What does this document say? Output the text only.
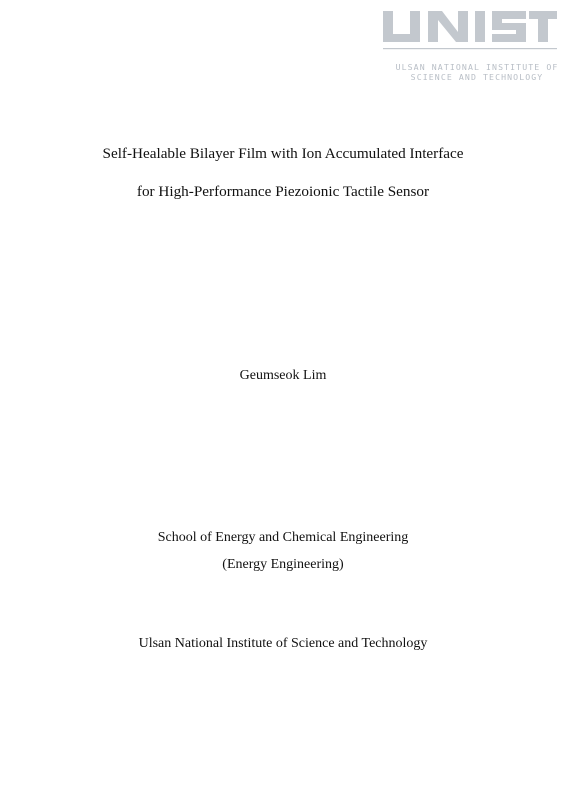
ULSAN NATIONAL INSTITUTE OF
SCIENCE AND TECHNOLOGY
Self-Healable Bilayer Film with Ion Accumulated Interface
for High-Performance Piezoionic Tactile Sensor
Geumseok Lim
School of Energy and Chemical Engineering
(Energy Engineering)
Ulsan National Institute of Science and Technology
